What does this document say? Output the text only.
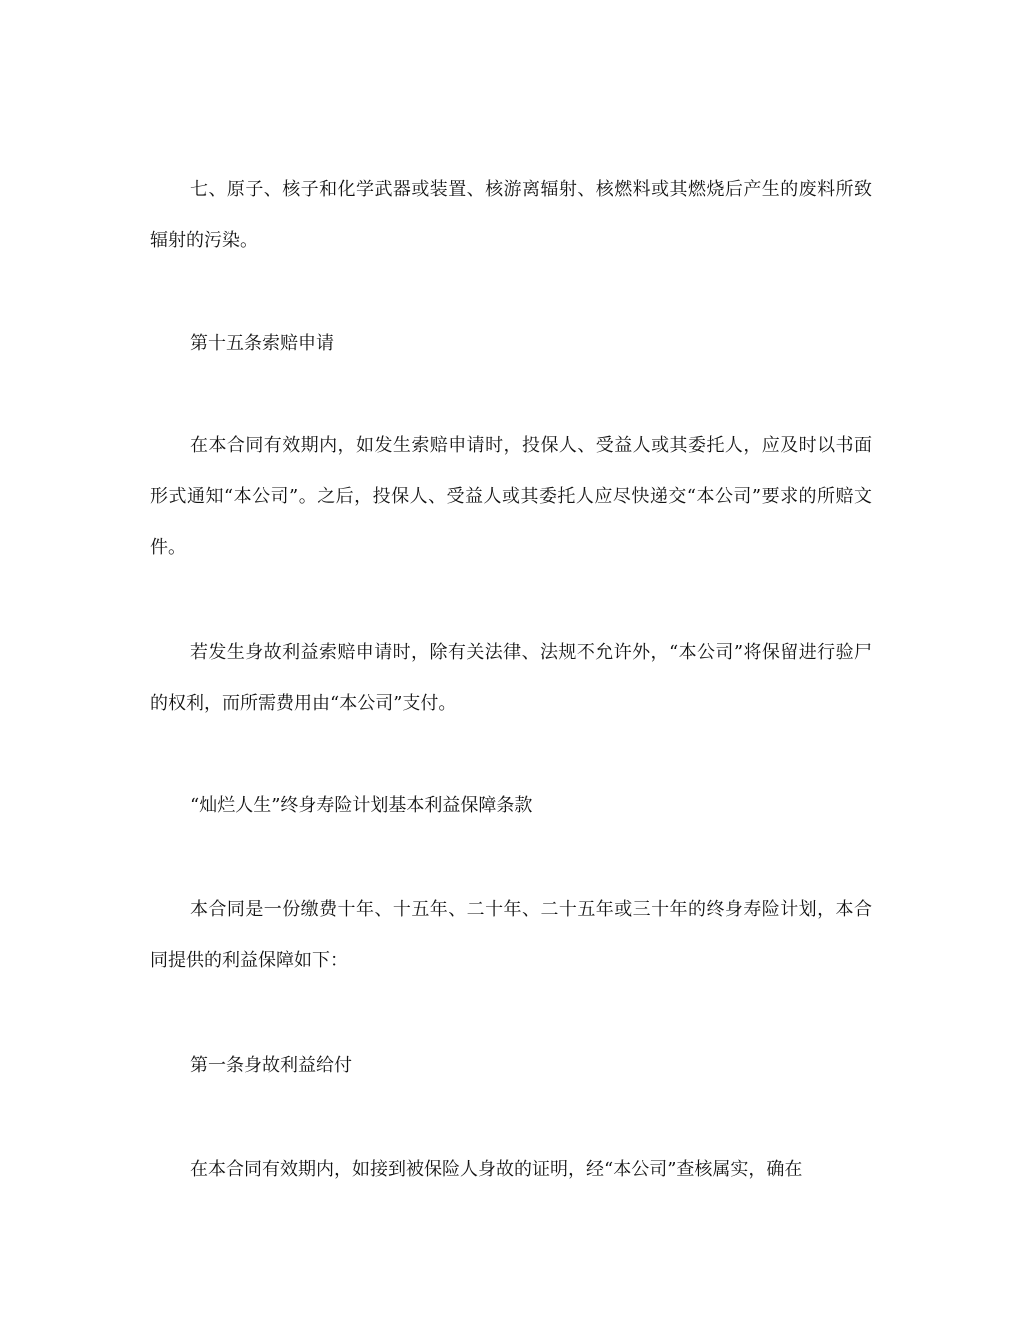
七、原子、核子和化学武器或装置、核游离辐射、核燃料或其燃烧后产生的废料所致辐射的污染。

第十五条索赔申请

在本合同有效期内，如发生索赔申请时，投保人、受益人或其委托人，应及时以书面形式通知“本公司”。之后，投保人、受益人或其委托人应尽快递交“本公司”要求的所赔文件。

若发生身故利益索赔申请时，除有关法律、法规不允许外，“本公司”将保留进行验尸的权利，而所需费用由“本公司”支付。

“灿烂人生”终身寿险计划基本利益保障条款

本合同是一份缴费十年、十五年、二十年、二十五年或三十年的终身寿险计划，本合同提供的利益保障如下：

第一条身故利益给付

在本合同有效期内，如接到被保险人身故的证明，经“本公司”查核属实，确在
